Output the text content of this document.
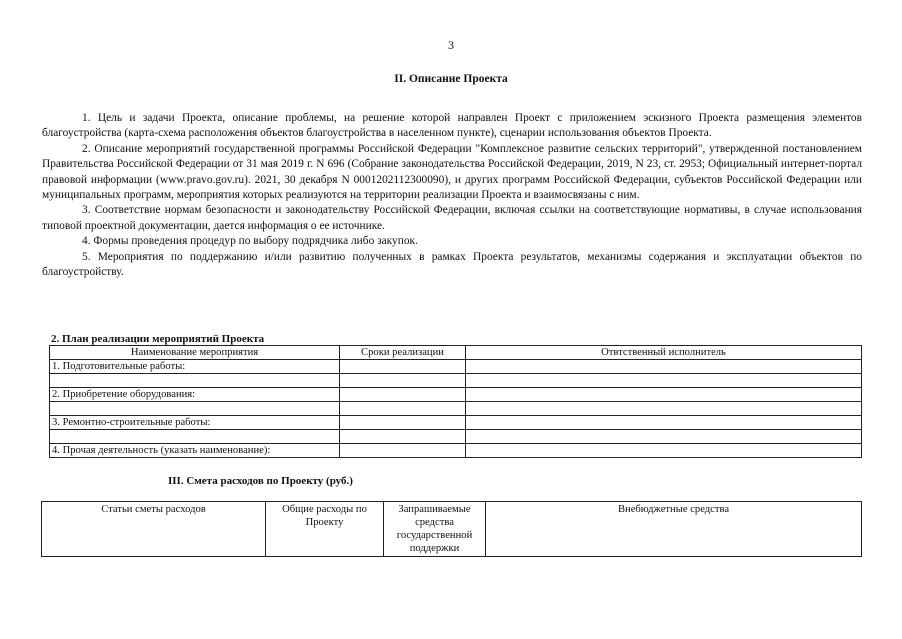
3
II. Описание Проекта

1. Цель и задачи Проекта, описание проблемы, на решение которой направлен Проект с приложением эскизного Проекта размещения элементов благоустройства (карта-схема расположения объектов благоустройства в населенном пункте), сценарии использования объектов Проекта.

2. Описание мероприятий государственной программы Российской Федерации "Комплексное развитие сельских территорий", утвержденной постановлением Правительства Российской Федерации от 31 мая 2019 г. N 696 (Собрание законодательства Российской Федерации, 2019, N 23, ст. 2953; Официальный интернет-портал правовой информации (www.pravo.gov.ru). 2021, 30 декабря N 0001202112300090), и других программ Российской Федерации, субъектов Российской Федерации или муниципальных программ, мероприятия которых реализуются на территории реализации Проекта и взаимосвязаны с ним.

3. Соответствие нормам безопасности и законодательству Российской Федерации, включая ссылки на соответствующие нормативы, в случае использования типовой проектной документации, дается информация о ее источнике.

4. Формы проведения процедур по выбору подрядчика либо закупок.

5. Мероприятия по поддержанию и/или развитию полученных в рамках Проекта результатов, механизмы содержания и эксплуатации объектов по благоустройству.

2. План реализации мероприятий Проекта
Наименование мероприятия	Сроки реализации	Отвтственный исполнитель
1. Подготовительные работы:		

2. Приобретение оборудования:		

3. Ремонтно-строительные работы:		

4. Прочая деятельность (указать наименование):		
III. Смета расходов по Проекту (руб.)
Статьи сметы расходов	Общие расходы по Проекту	Запрашиваемые средства государственной поддержки	Внебюджетные средства
